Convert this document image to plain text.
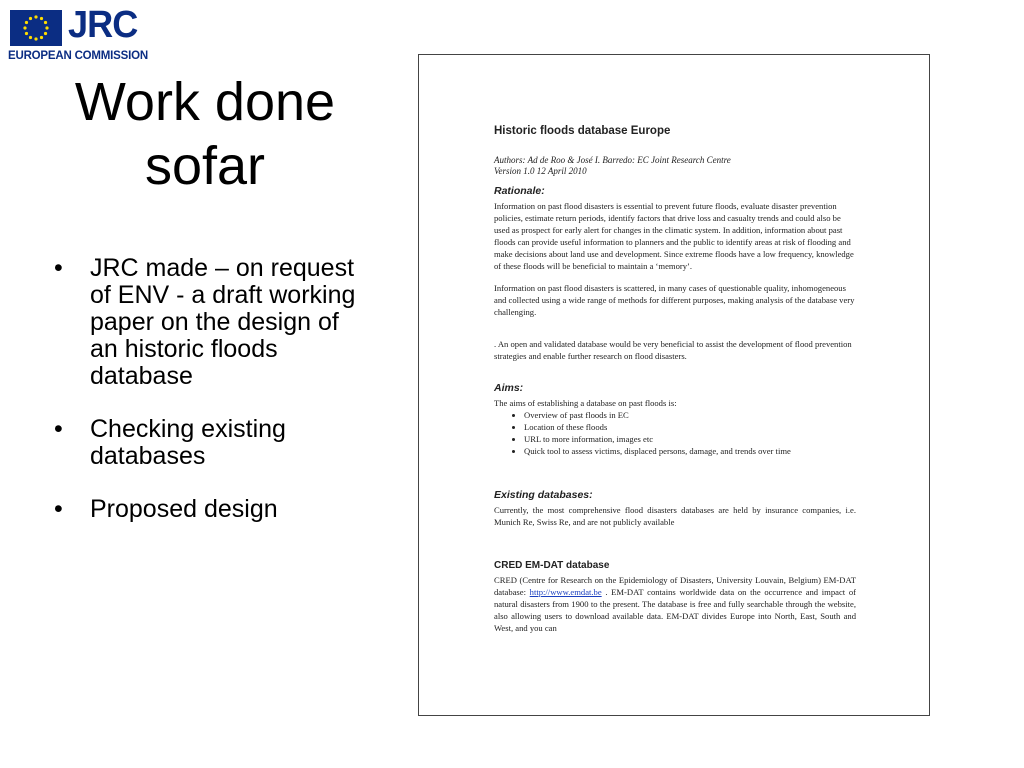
JRC
EUROPEAN COMMISSION
Work done
sofar
• JRC made – on request of ENV - a draft working paper on the design of an historic floods database
• Checking existing databases
• Proposed design
Historic floods database Europe
Authors: Ad de Roo & José I. Barredo: EC Joint Research Centre
Version 1.0 12 April 2010
Rationale:

Information on past flood disasters is essential to prevent future floods, evaluate disaster prevention policies, estimate return periods, identify factors that drive loss and casualty trends and could also be used as prospect for early alert for changes in the climatic system. In addition, information about past floods can provide useful information to planners and the public to identify areas at risk of flooding and make decisions about land use and development. Since extreme floods have a low frequency, knowledge of these floods will be beneficial to maintain a ‘memory’.

Information on past flood disasters is scattered, in many cases of questionable quality, inhomogeneous and collected using a wide range of methods for different purposes, making analysis of the database very challenging.

. An open and validated database would be very beneficial to assist the development of flood prevention strategies and enable further research on flood disasters.

Aims:

The aims of establishing a database on past floods is:

• Overview of past floods in EC
• Location of these floods
• URL to more information, images etc
• Quick tool to assess victims, displaced persons, damage, and trends over time
Existing databases:

Currently, the most comprehensive flood disasters databases are held by insurance companies, i.e. Munich Re, Swiss Re, and are not publicly available

CRED EM-DAT database

CRED (Centre for Research on the Epidemiology of Disasters, University Louvain, Belgium) EM-DAT database: http://www.emdat.be . EM-DAT contains worldwide data on the occurrence and impact of natural disasters from 1900 to the present. The database is free and fully searchable through the website, also allowing users to download available data. EM-DAT divides Europe into North, East, South and West, and you can
